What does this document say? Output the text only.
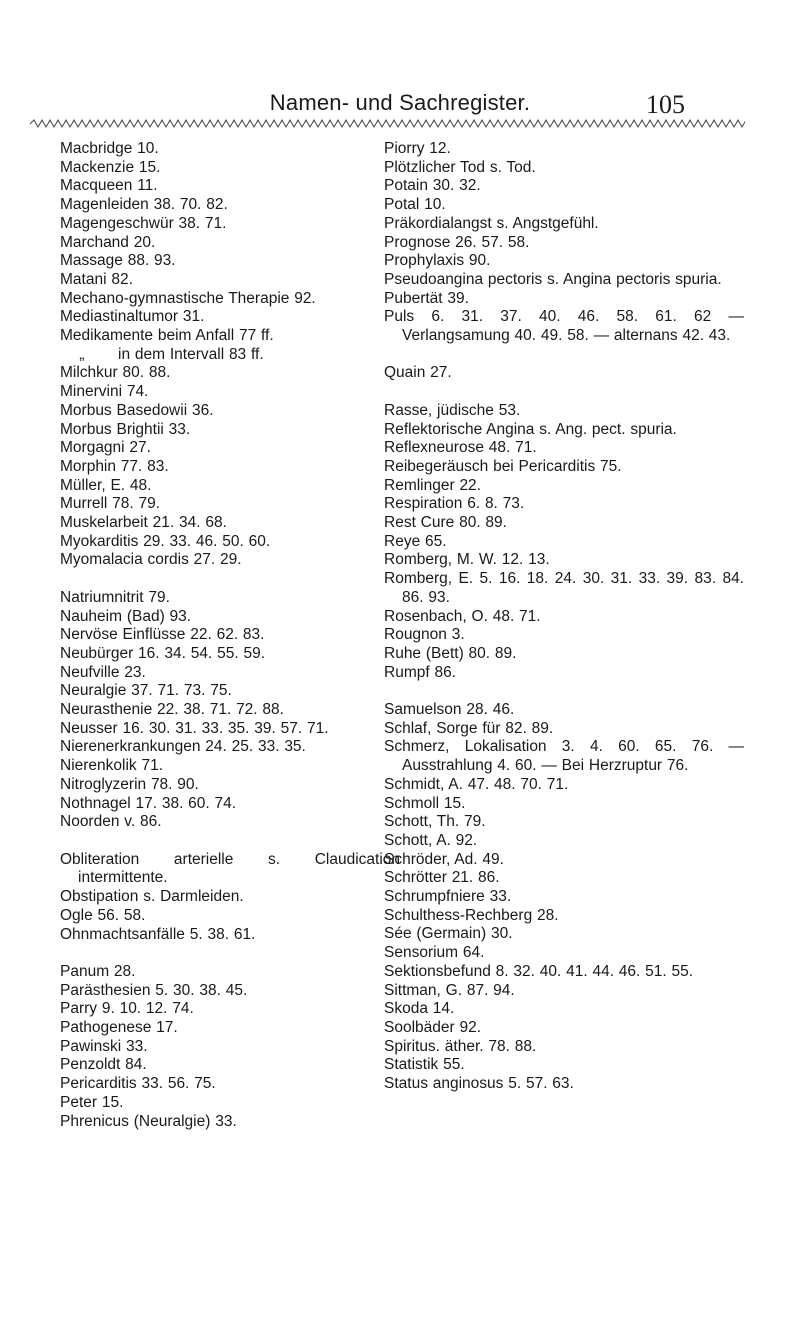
Namen- und Sachregister.	105
Macbridge 10.
Mackenzie 15.
Macqueen 11.
Magenleiden 38. 70. 82.
Magengeschwür 38. 71.
Marchand 20.
Massage 88. 93.
Matani 82.
Mechano-gymnastische Therapie 92.
Mediastinaltumor 31.
Medikamente beim Anfall 77 ff.
„       in dem Intervall 83 ff.
Milchkur 80. 88.
Minervini 74.
Morbus Basedowii 36.
Morbus Brightii 33.
Morgagni 27.
Morphin 77. 83.
Müller, E. 48.
Murrell 78. 79.
Muskelarbeit 21. 34. 68.
Myokarditis 29. 33. 46. 50. 60.
Myomalacia cordis 27. 29.
Natriumnitrit 79.
Nauheim (Bad) 93.
Nervöse Einflüsse 22. 62. 83.
Neubürger 16. 34. 54. 55. 59.
Neufville 23.
Neuralgie 37. 71. 73. 75.
Neurasthenie 22. 38. 71. 72. 88.
Neusser 16. 30. 31. 33. 35. 39. 57. 71.
Nierenerkrankungen 24. 25. 33. 35.
Nierenkolik 71.
Nitroglyzerin 78. 90.
Nothnagel 17. 38. 60. 74.
Noorden v. 86.
Obliteration arterielle s. Claudication intermittente.
Obstipation s. Darmleiden.
Ogle 56. 58.
Ohnmachtsanfälle 5. 38. 61.
Panum 28.
Parästhesien 5. 30. 38. 45.
Parry 9. 10. 12. 74.
Pathogenese 17.
Pawinski 33.
Penzoldt 84.
Pericarditis 33. 56. 75.
Peter 15.
Phrenicus (Neuralgie) 33.
Piorry 12.
Plötzlicher Tod s. Tod.
Potain 30. 32.
Potal 10.
Präkordialangst s. Angstgefühl.
Prognose 26. 57. 58.
Prophylaxis 90.
Pseudoangina pectoris s. Angina pectoris spuria.
Pubertät 39.
Puls 6. 31. 37. 40. 46. 58. 61. 62 — Verlangsamung 40. 49. 58. — alternans 42. 43.
Quain 27.
Rasse, jüdische 53.
Reflektorische Angina s. Ang. pect. spuria.
Reflexneurose 48. 71.
Reibegeräusch bei Pericarditis 75.
Remlinger 22.
Respiration 6. 8. 73.
Rest Cure 80. 89.
Reye 65.
Romberg, M. W. 12. 13.
Romberg, E. 5. 16. 18. 24. 30. 31. 33. 39. 83. 84. 86. 93.
Rosenbach, O. 48. 71.
Rougnon 3.
Ruhe (Bett) 80. 89.
Rumpf 86.
Samuelson 28. 46.
Schlaf, Sorge für 82. 89.
Schmerz, Lokalisation 3. 4. 60. 65. 76. — Ausstrahlung 4. 60. — Bei Herzruptur 76.
Schmidt, A. 47. 48. 70. 71.
Schmoll 15.
Schott, Th. 79.
Schott, A. 92.
Schröder, Ad. 49.
Schrötter 21. 86.
Schrumpfniere 33.
Schulthess-Rechberg 28.
Sée (Germain) 30.
Sensorium 64.
Sektionsbefund 8. 32. 40. 41. 44. 46. 51. 55.
Sittman, G. 87. 94.
Skoda 14.
Soolbäder 92.
Spiritus. äther. 78. 88.
Statistik 55.
Status anginosus 5. 57. 63.
